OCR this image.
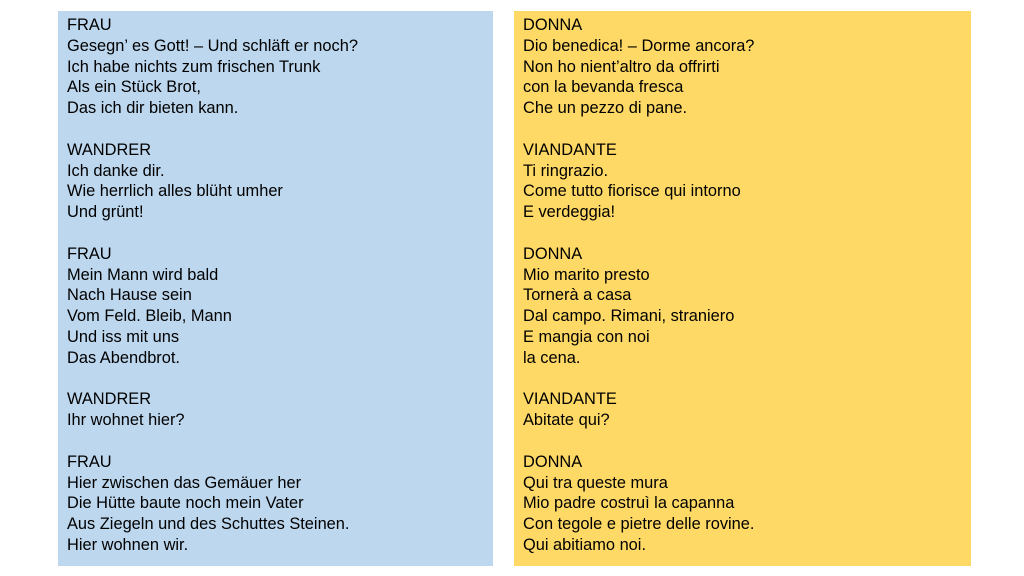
FRAU
Gesegn’ es Gott! – Und schläft er noch?
Ich habe nichts zum frischen Trunk
Als ein Stück Brot,
Das ich dir bieten kann.
WANDRER
Ich danke dir.
Wie herrlich alles blüht umher
Und grünt!
FRAU
Mein Mann wird bald
Nach Hause sein
Vom Feld. Bleib, Mann
Und iss mit uns
Das Abendbrot.
WANDRER
Ihr wohnet hier?
FRAU
Hier zwischen das Gemäuer her
Die Hütte baute noch mein Vater
Aus Ziegeln und des Schuttes Steinen.
Hier wohnen wir.
DONNA
Dio benedica! – Dorme ancora?
Non ho nient’altro da offrirti
con la bevanda fresca
Che un pezzo di pane.
VIANDANTE
Ti ringrazio.
Come tutto fiorisce qui intorno
E verdeggia!
DONNA
Mio marito presto
Tornerà a casa
Dal campo. Rimani, straniero
E mangia con noi
la cena.
VIANDANTE
Abitate qui?
DONNA
Qui tra queste mura
Mio padre costruì la capanna
Con tegole e pietre delle rovine.
Qui abitiamo noi.
